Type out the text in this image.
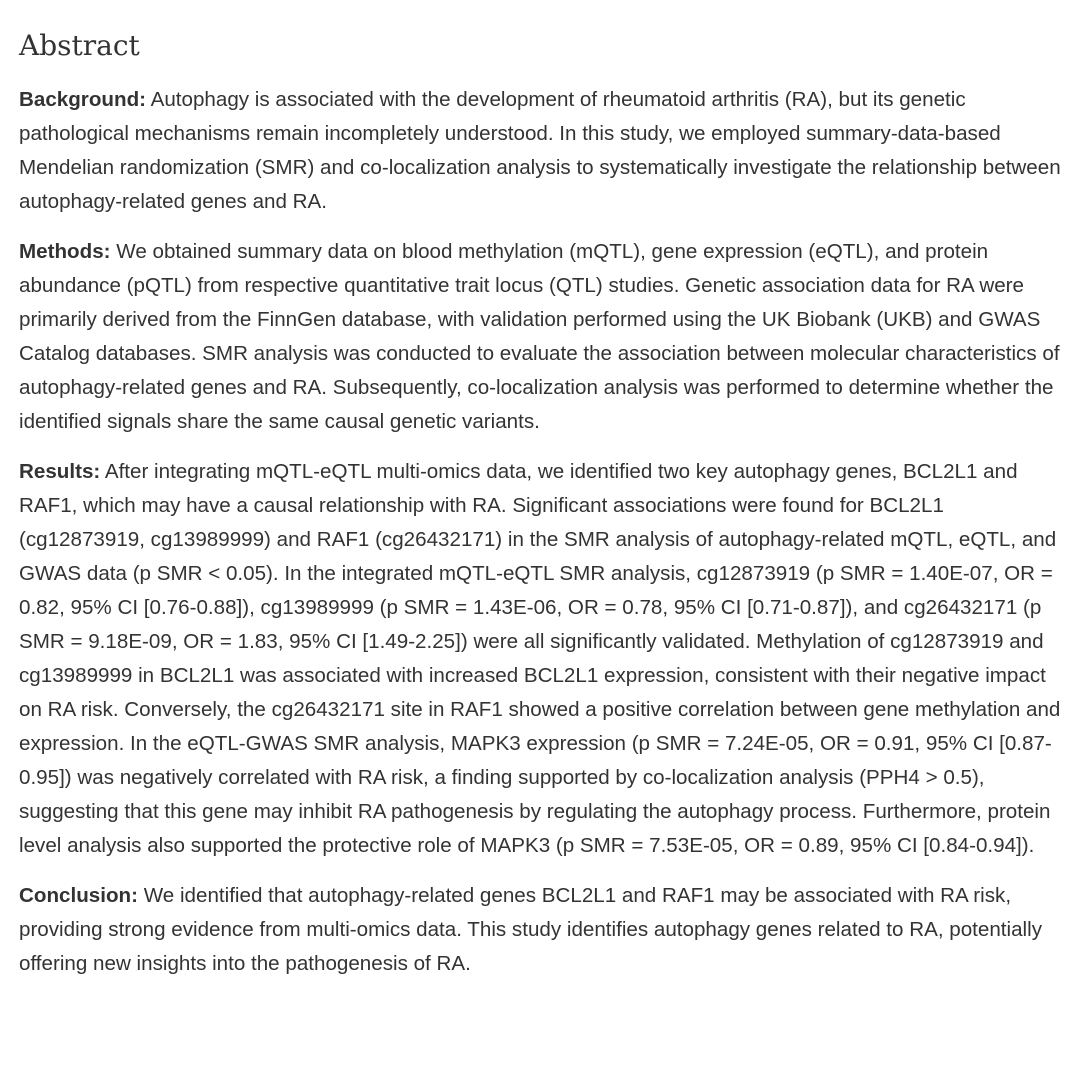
Abstract

Background: Autophagy is associated with the development of rheumatoid arthritis (RA), but its genetic pathological mechanisms remain incompletely understood. In this study, we employed summary-data-based Mendelian randomization (SMR) and co-localization analysis to systematically investigate the relationship between autophagy-related genes and RA.

Methods: We obtained summary data on blood methylation (mQTL), gene expression (eQTL), and protein abundance (pQTL) from respective quantitative trait locus (QTL) studies. Genetic association data for RA were primarily derived from the FinnGen database, with validation performed using the UK Biobank (UKB) and GWAS Catalog databases. SMR analysis was conducted to evaluate the association between molecular characteristics of autophagy-related genes and RA. Subsequently, co-localization analysis was performed to determine whether the identified signals share the same causal genetic variants.

Results: After integrating mQTL-eQTL multi-omics data, we identified two key autophagy genes, BCL2L1 and RAF1, which may have a causal relationship with RA. Significant associations were found for BCL2L1 (cg12873919, cg13989999) and RAF1 (cg26432171) in the SMR analysis of autophagy-related mQTL, eQTL, and GWAS data (p SMR < 0.05). In the integrated mQTL-eQTL SMR analysis, cg12873919 (p SMR = 1.40E-07, OR = 0.82, 95% CI [0.76-0.88]), cg13989999 (p SMR = 1.43E-06, OR = 0.78, 95% CI [0.71-0.87]), and cg26432171 (p SMR = 9.18E-09, OR = 1.83, 95% CI [1.49-2.25]) were all significantly validated. Methylation of cg12873919 and cg13989999 in BCL2L1 was associated with increased BCL2L1 expression, consistent with their negative impact on RA risk. Conversely, the cg26432171 site in RAF1 showed a positive correlation between gene methylation and expression. In the eQTL-GWAS SMR analysis, MAPK3 expression (p SMR = 7.24E-05, OR = 0.91, 95% CI [0.87-0.95]) was negatively correlated with RA risk, a finding supported by co-localization analysis (PPH4 > 0.5), suggesting that this gene may inhibit RA pathogenesis by regulating the autophagy process. Furthermore, protein level analysis also supported the protective role of MAPK3 (p SMR = 7.53E-05, OR = 0.89, 95% CI [0.84-0.94]).

Conclusion: We identified that autophagy-related genes BCL2L1 and RAF1 may be associated with RA risk, providing strong evidence from multi-omics data. This study identifies autophagy genes related to RA, potentially offering new insights into the pathogenesis of RA.
